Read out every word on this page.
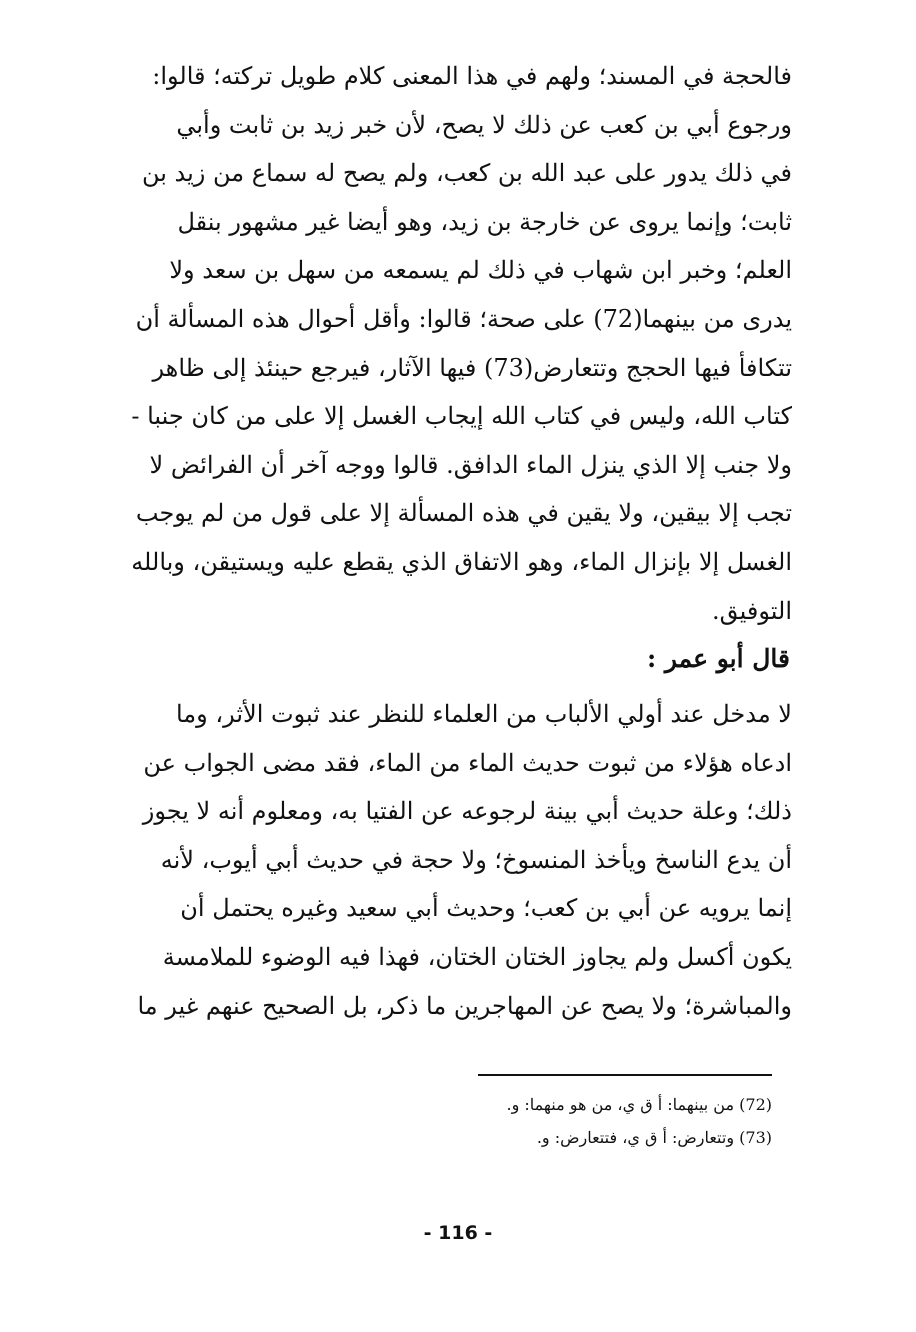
فالحجة في المسند؛ ولهم في هذا المعنى كلام طويل تركته؛ قالوا:
ورجوع أبي بن كعب عن ذلك لا يصح، لأن خبر زيد بن ثابت وأبي
في ذلك يدور على عبد الله بن كعب، ولم يصح له سماع من زيد بن
ثابت؛ وإنما يروى عن خارجة بن زيد، وهو أيضا غير مشهور بنقل
العلم؛ وخبر ابن شهاب في ذلك لم يسمعه من سهل بن سعد ولا
يدرى من بينهما(72) على صحة؛ قالوا: وأقل أحوال هذه المسألة أن
تتكافأ فيها الحجج وتتعارض(73) فيها الآثار، فيرجع حينئذ إلى ظاهر
كتاب الله، وليس في كتاب الله إيجاب الغسل إلا على من كان جنبا -
ولا جنب إلا الذي ينزل الماء الدافق. قالوا ووجه آخر أن الفرائض لا
تجب إلا بيقين، ولا يقين في هذه المسألة إلا على قول من لم يوجب
الغسل إلا بإنزال الماء، وهو الاتفاق الذي يقطع عليه ويستيقن، وبالله
التوفيق.
قال أبو عمر :
لا مدخل عند أولي الألباب من العلماء للنظر عند ثبوت الأثر، وما
ادعاه هؤلاء من ثبوت حديث الماء من الماء، فقد مضى الجواب عن
ذلك؛ وعلة حديث أبي بينة لرجوعه عن الفتيا به، ومعلوم أنه لا يجوز
أن يدع الناسخ ويأخذ المنسوخ؛ ولا حجة في حديث أبي أيوب، لأنه
إنما يرويه عن أبي بن كعب؛ وحديث أبي سعيد وغيره يحتمل أن
يكون أكسل ولم يجاوز الختان الختان، فهذا فيه الوضوء للملامسة
والمباشرة؛ ولا يصح عن المهاجرين ما ذكر، بل الصحيح عنهم غير ما
(72) من بينهما: أ ق ي، من هو منهما: و.
(73) وتتعارض: أ ق ي، فتتعارض: و.
- 116 -
